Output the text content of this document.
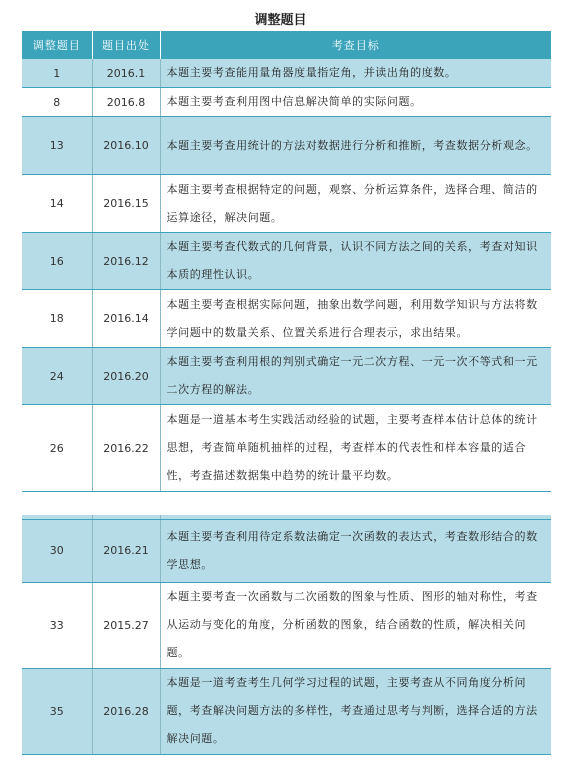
调整题目
调整题目	题目出处	考查目标
1	2016.1	本题主要考查能用量角器度量指定角，并读出角的度数。
8	2016.8	本题主要考查利用图中信息解决简单的实际问题。
13	2016.10	本题主要考查用统计的方法对数据进行分析和推断，考查数据分析观念。
14	2016.15	本题主要考查根据特定的问题，观察、分析运算条件，选择合理、简洁的运算途径，解决问题。
16	2016.12	本题主要考查代数式的几何背景，认识不同方法之间的关系，考查对知识本质的理性认识。
18	2016.14	本题主要考查根据实际问题，抽象出数学问题，利用数学知识与方法将数学问题中的数量关系、位置关系进行合理表示，求出结果。
24	2016.20	本题主要考查利用根的判别式确定一元二次方程、一元一次不等式和一元二次方程的解法。
26	2016.22	本题是一道基本考生实践活动经验的试题，主要考查样本估计总体的统计思想，考查简单随机抽样的过程，考查样本的代表性和样本容量的适合性，考查描述数据集中趋势的统计量平均数。

30	2016.21	本题主要考查利用待定系数法确定一次函数的表达式，考查数形结合的数学思想。
33	2015.27	本题主要考查一次函数与二次函数的图象与性质、图形的轴对称性，考查从运动与变化的角度，分析函数的图象，结合函数的性质，解决相关问题。
35	2016.28	本题是一道考查考生几何学习过程的试题，主要考查从不同角度分析问题，考查解决问题方法的多样性，考查通过思考与判断，选择合适的方法解决问题。
